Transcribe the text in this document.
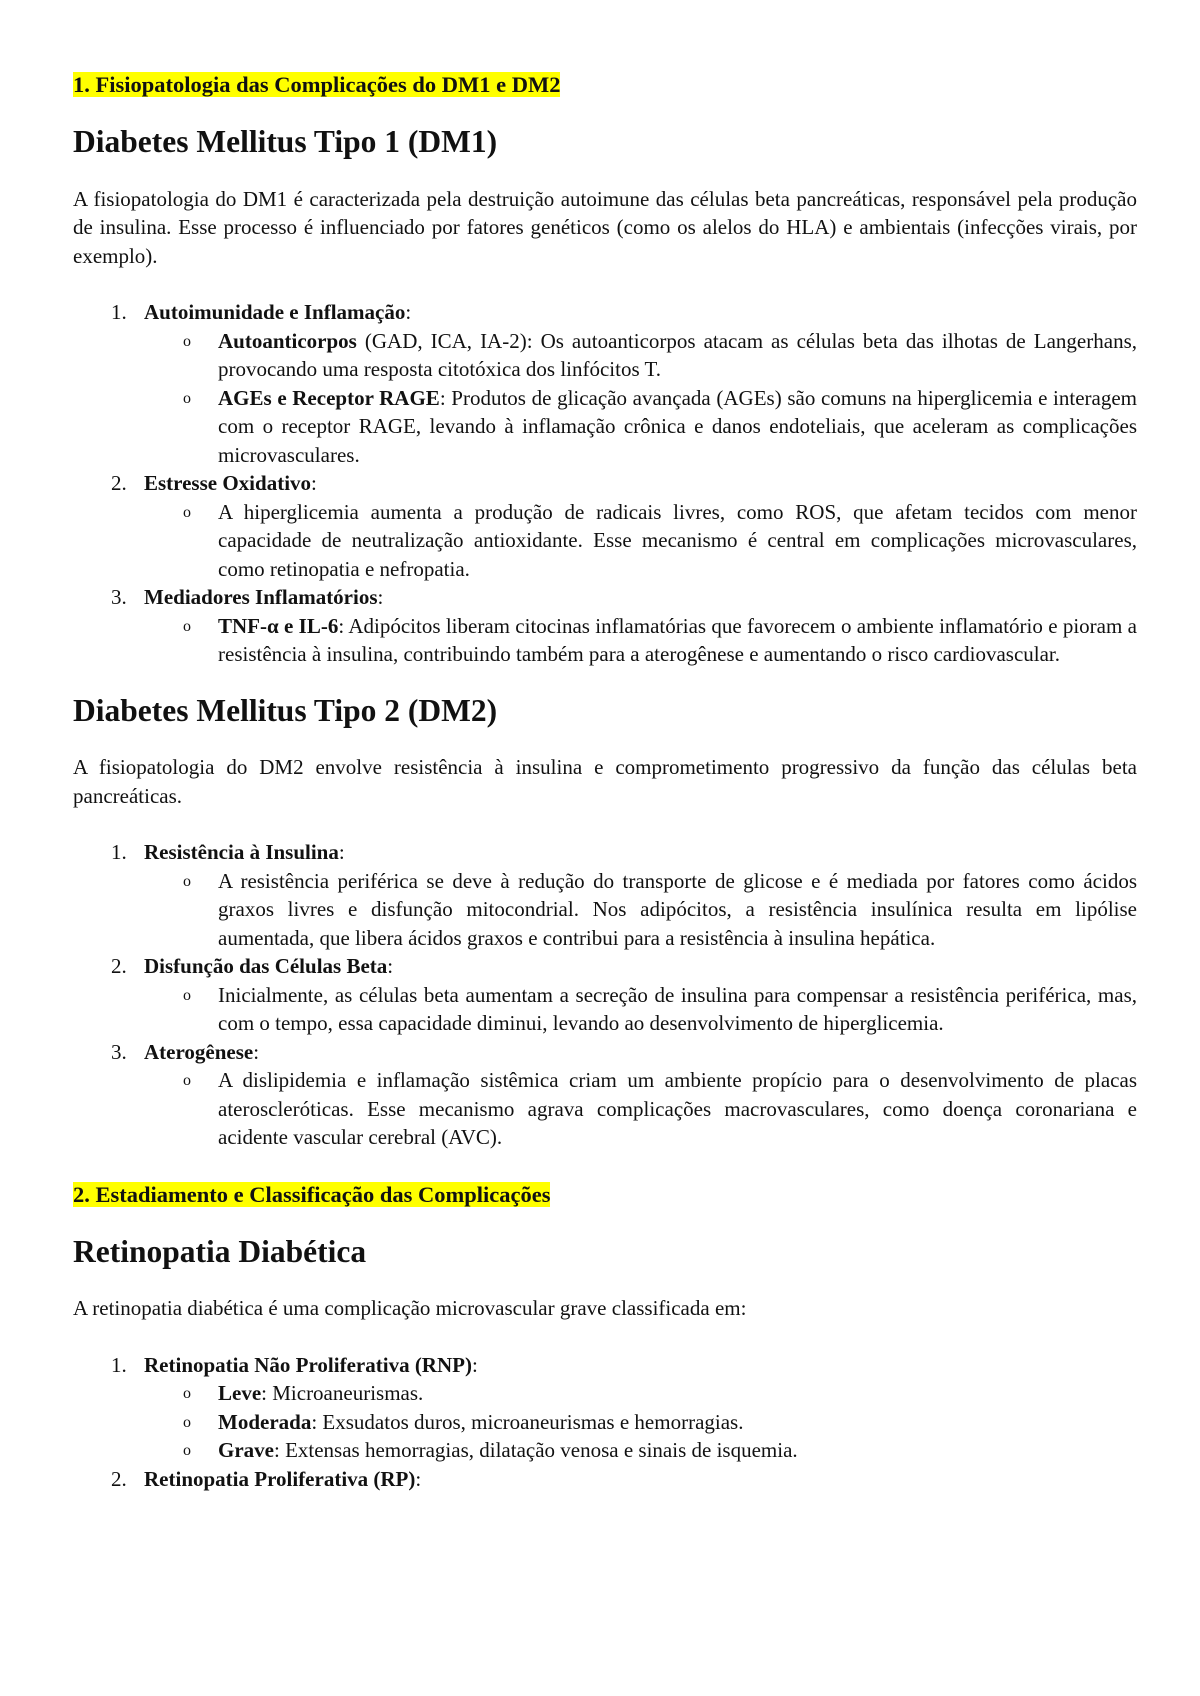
1. Fisiopatologia das Complicações do DM1 e DM2
Diabetes Mellitus Tipo 1 (DM1)

A fisiopatologia do DM1 é caracterizada pela destruição autoimune das células beta pancreáticas, responsável pela produção de insulina. Esse processo é influenciado por fatores genéticos (como os alelos do HLA) e ambientais (infecções virais, por exemplo).

1. Autoimunidade e Inflamação:
o Autoanticorpos (GAD, ICA, IA-2): Os autoanticorpos atacam as células beta das ilhotas de Langerhans, provocando uma resposta citotóxica dos linfócitos T.
o AGEs e Receptor RAGE: Produtos de glicação avançada (AGEs) são comuns na hiperglicemia e interagem com o receptor RAGE, levando à inflamação crônica e danos endoteliais, que aceleram as complicações microvasculares.
2. Estresse Oxidativo:
o A hiperglicemia aumenta a produção de radicais livres, como ROS, que afetam tecidos com menor capacidade de neutralização antioxidante. Esse mecanismo é central em complicações microvasculares, como retinopatia e nefropatia.
3. Mediadores Inflamatórios:
o TNF-α e IL-6: Adipócitos liberam citocinas inflamatórias que favorecem o ambiente inflamatório e pioram a resistência à insulina, contribuindo também para a aterogênese e aumentando o risco cardiovascular.
Diabetes Mellitus Tipo 2 (DM2)

A fisiopatologia do DM2 envolve resistência à insulina e comprometimento progressivo da função das células beta pancreáticas.

1. Resistência à Insulina:
o A resistência periférica se deve à redução do transporte de glicose e é mediada por fatores como ácidos graxos livres e disfunção mitocondrial. Nos adipócitos, a resistência insulínica resulta em lipólise aumentada, que libera ácidos graxos e contribui para a resistência à insulina hepática.
2. Disfunção das Células Beta:
o Inicialmente, as células beta aumentam a secreção de insulina para compensar a resistência periférica, mas, com o tempo, essa capacidade diminui, levando ao desenvolvimento de hiperglicemia.
3. Aterogênese:
o A dislipidemia e inflamação sistêmica criam um ambiente propício para o desenvolvimento de placas ateroscleróticas. Esse mecanismo agrava complicações macrovasculares, como doença coronariana e acidente vascular cerebral (AVC).
2. Estadiamento e Classificação das Complicações
Retinopatia Diabética

A retinopatia diabética é uma complicação microvascular grave classificada em:

1. Retinopatia Não Proliferativa (RNP):
o Leve: Microaneurismas.
o Moderada: Exsudatos duros, microaneurismas e hemorragias.
o Grave: Extensas hemorragias, dilatação venosa e sinais de isquemia.
2. Retinopatia Proliferativa (RP):
